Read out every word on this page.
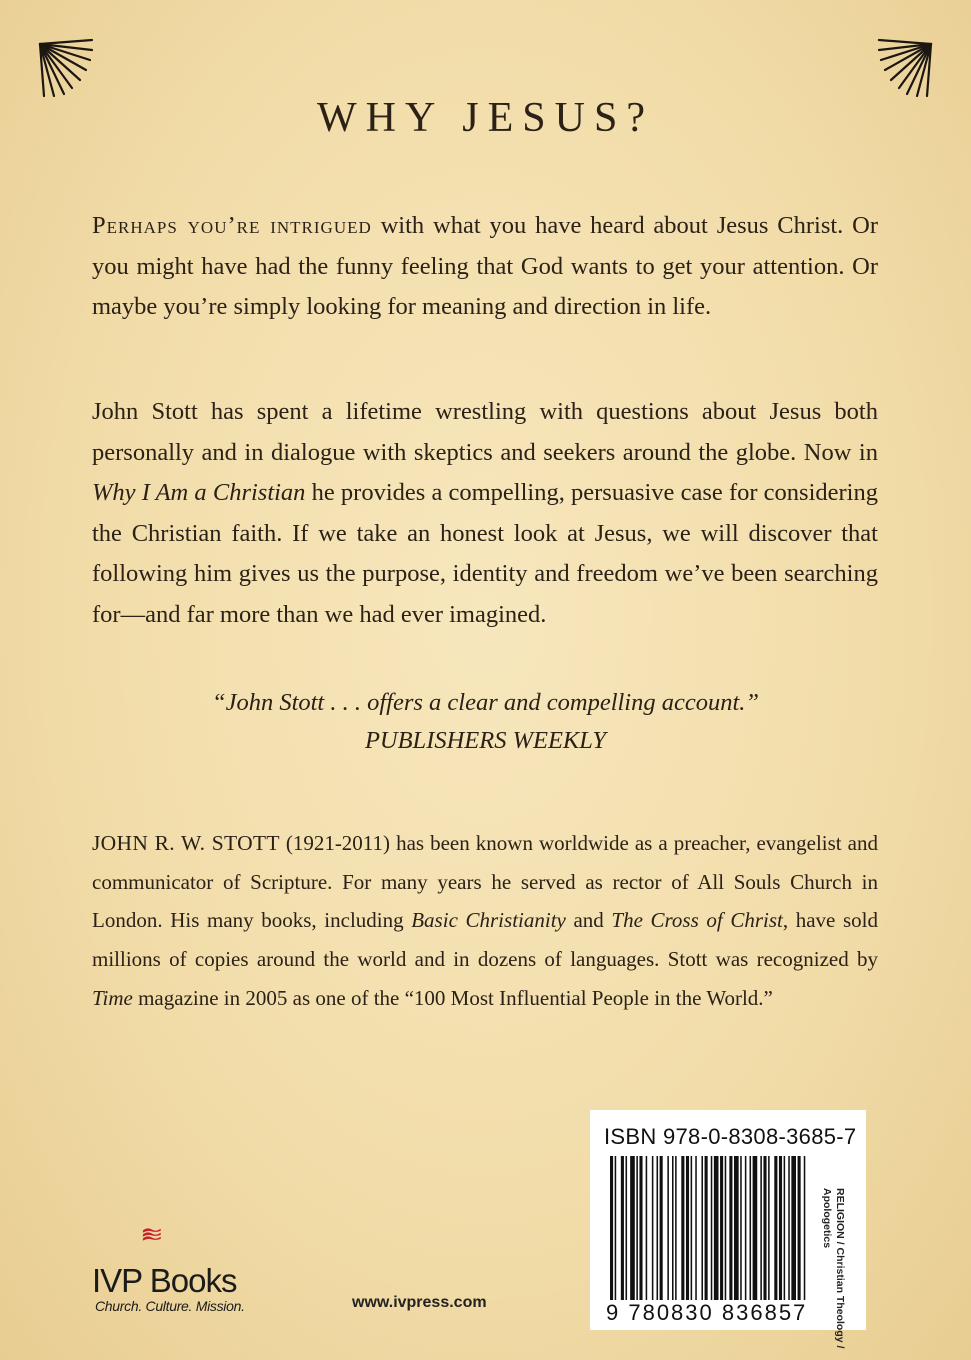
WHY JESUS?

Perhaps you’re intrigued with what you have heard about Jesus Christ. Or you might have had the funny feeling that God wants to get your attention. Or maybe you’re simply looking for meaning and direction in life.

John Stott has spent a lifetime wrestling with questions about Jesus both personally and in dialogue with skeptics and seekers around the globe. Now in Why I Am a Christian he provides a compelling, persuasive case for considering the Christian faith. If we take an honest look at Jesus, we will discover that following him gives us the purpose, identity and freedom we’ve been searching for—and far more than we had ever imagined.

“John Stott . . . offers a clear and compelling account.”
PUBLISHERS WEEKLY

JOHN R. W. STOTT (1921-2011) has been known worldwide as a preacher, evangelist and communicator of Scripture. For many years he served as rector of All Souls Church in London. His many books, including Basic Christianity and The Cross of Christ, have sold millions of copies around the world and in dozens of languages. Stott was recognized by Time magazine in 2005 as one of the “100 Most Influential People in the World.”

IVP Books
Church. Culture. Mission.	www.ivpress.com
ISBN 978-0-8308-3685-7
9 780830 836857	RELIGION / Christian Theology /
Apologetics
